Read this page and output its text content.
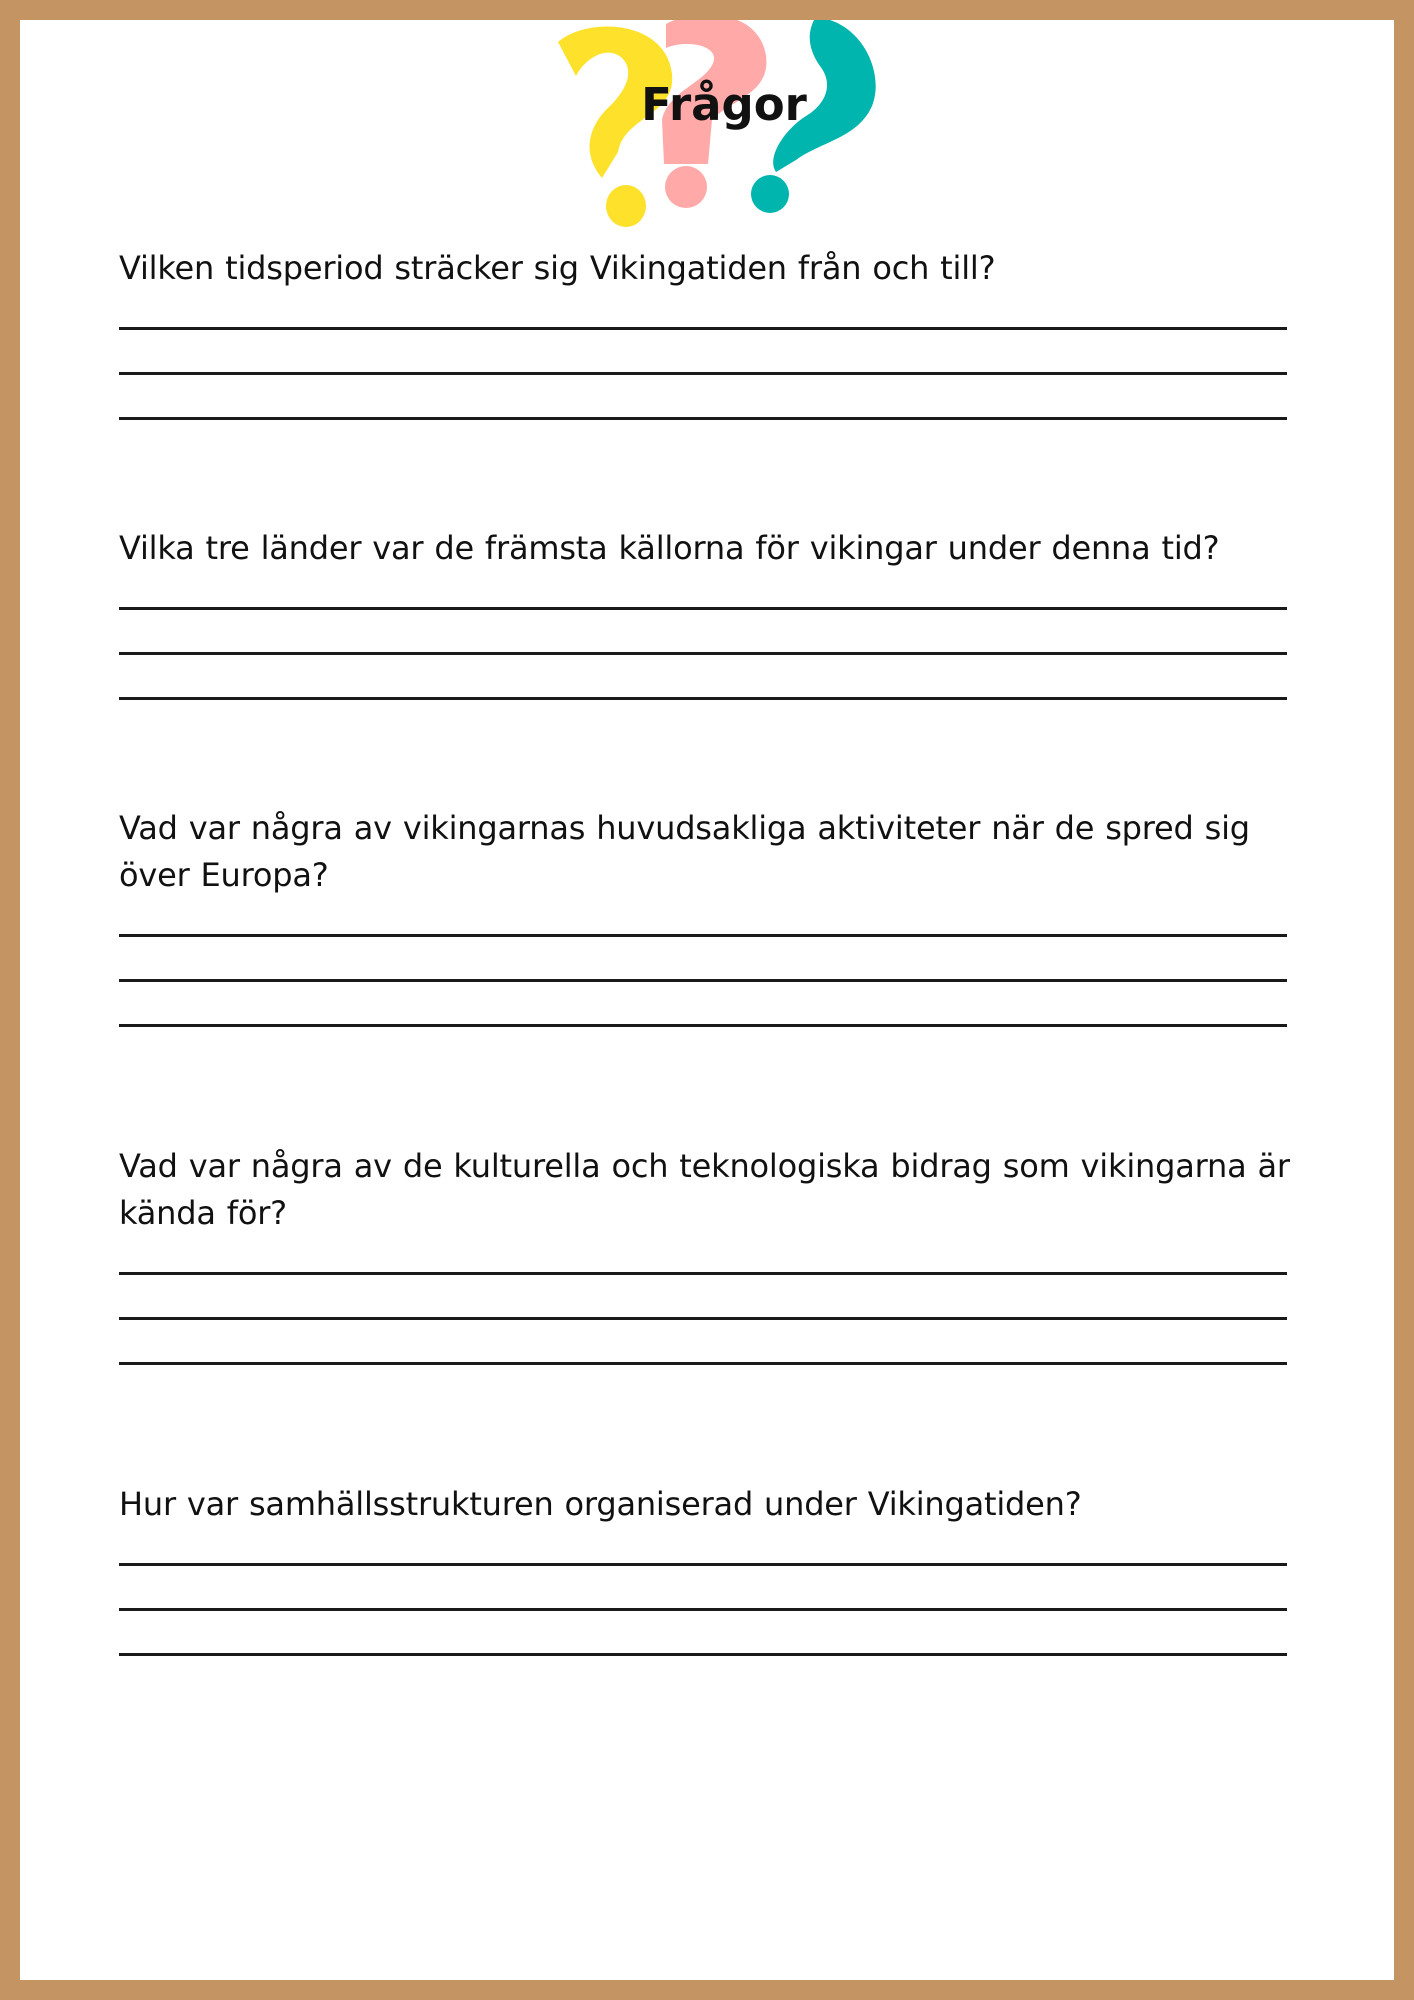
Frågor
Vilken tidsperiod sträcker sig Vikingatiden från och till?
Vilka tre länder var de främsta källorna för vikingar under denna tid?
Vad var några av vikingarnas huvudsakliga aktiviteter när de spred sig över Europa?
Vad var några av de kulturella och teknologiska bidrag som vikingarna är kända för?
Hur var samhällsstrukturen organiserad under Vikingatiden?
